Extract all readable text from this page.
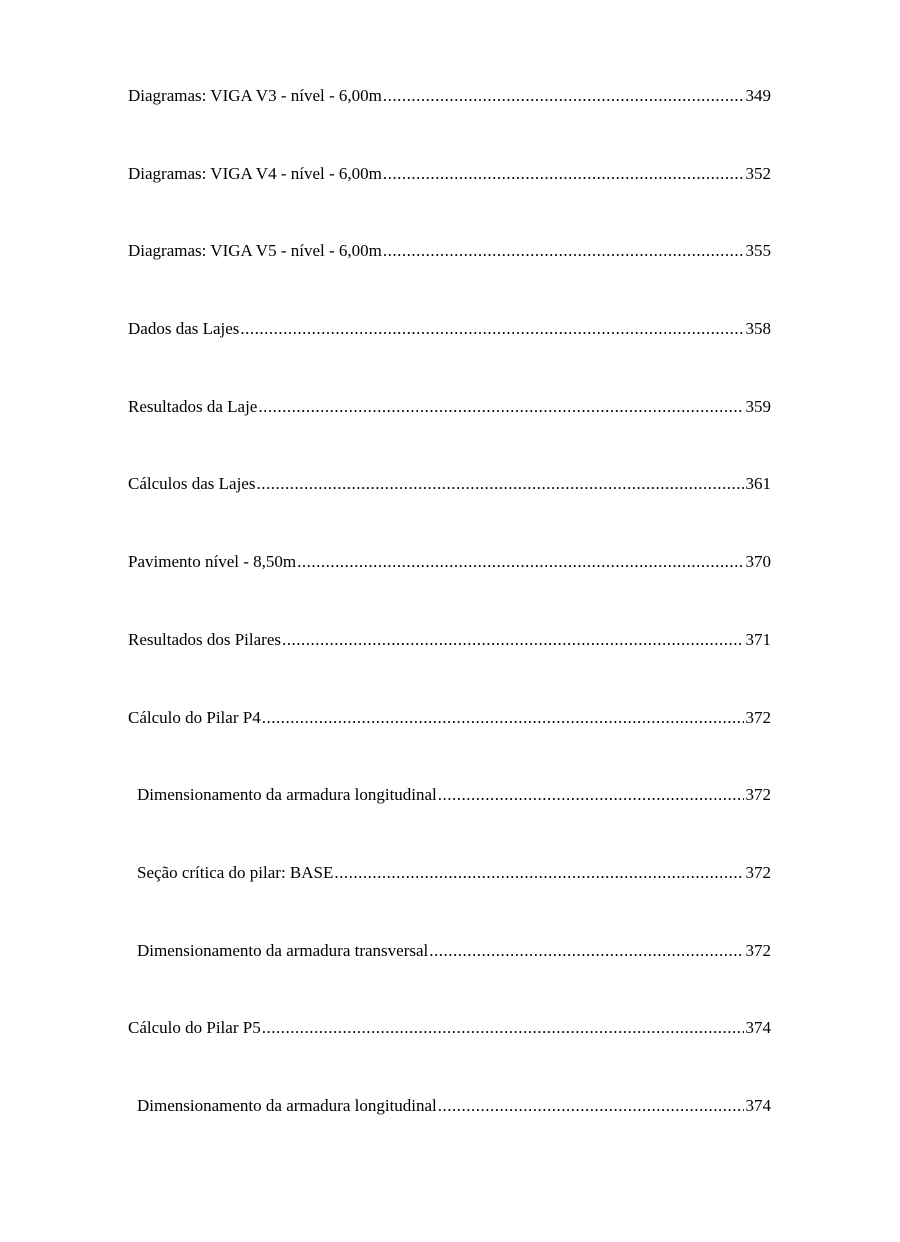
Diagramas: VIGA V3 - nível - 6,00m .....	349
Diagramas: VIGA V4 - nível - 6,00m .....	352
Diagramas: VIGA V5 - nível - 6,00m .....	355
Dados das Lajes .....	358
Resultados da Laje .....	359
Cálculos das Lajes .....	361
Pavimento nível - 8,50m .....	370
Resultados dos Pilares .....	371
Cálculo do Pilar P4 .....	372
Dimensionamento da armadura longitudinal .....	372
Seção crítica do pilar: BASE .....	372
Dimensionamento da armadura transversal .....	372
Cálculo do Pilar P5 .....	374
Dimensionamento da armadura longitudinal .....	374
